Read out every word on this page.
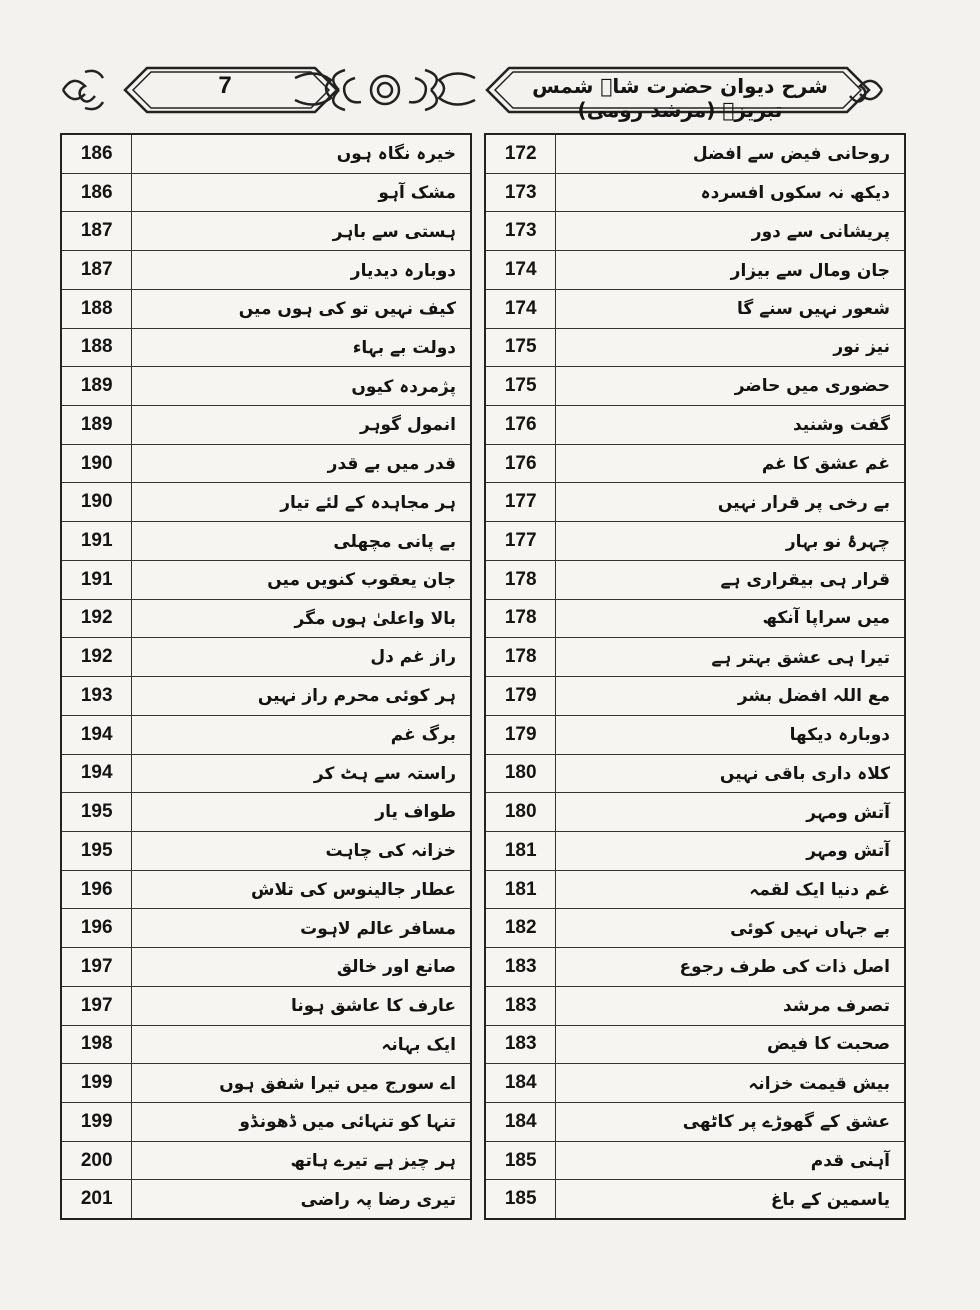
7	شرح دیوان حضرت شاہ شمس تبریزؒ (مرشد رومی)
186	خیرہ نگاہ ہوں
186	مشک آہو
187	ہستی سے باہر
187	دوبارہ دیدیار
188	کیف نہیں تو کی ہوں میں
188	دولت بے بہاء
189	پژمردہ کیوں
189	انمول گوہر
190	قدر میں بے قدر
190	ہر مجاہدہ کے لئے تیار
191	بے پانی مچھلی
191	جان یعقوب کنویں میں
192	بالا واعلیٰ ہوں مگر
192	راز غم دل
193	ہر کوئی محرم راز نہیں
194	برگ غم
194	راستہ سے ہٹ کر
195	طواف یار
195	خزانہ کی چاہت
196	عطار جالینوس کی تلاش
196	مسافر عالم لاہوت
197	صانع اور خالق
197	عارف کا عاشق ہونا
198	ایک بہانہ
199	اے سورج میں تیرا شفق ہوں
199	تنہا کو تنہائی میں ڈھونڈو
200	ہر چیز ہے تیرے ہاتھ
201	تیری رضا پہ راضی
172	روحانی فیض سے افضل
173	دیکھ نہ سکوں افسردہ
173	پریشانی سے دور
174	جان ومال سے بیزار
174	شعور نہیں سنے گا
175	نیز نور
175	حضوری میں حاضر
176	گفت وشنید
176	غم عشق کا غم
177	بے رخی پر قرار نہیں
177	چہرۂ نو بہار
178	قرار ہی بیقراری ہے
178	میں سراپا آنکھ
178	تیرا ہی عشق بہتر ہے
179	مع اللہ افضل بشر
179	دوبارہ دیکھا
180	کلاہ داری باقی نہیں
180	آتش ومہر
181	آتش ومہر
181	غم دنیا ایک لقمہ
182	بے جہاں نہیں کوئی
183	اصل ذات کی طرف رجوع
183	تصرف مرشد
183	صحبت کا فیض
184	بیش قیمت خزانہ
184	عشق کے گھوڑے پر کاٹھی
185	آہنی قدم
185	یاسمین کے باغ
